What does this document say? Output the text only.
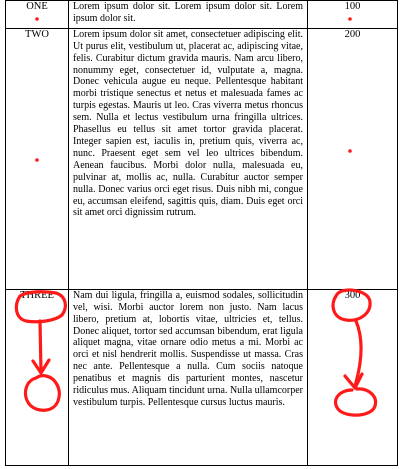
ONE	Lorem ipsum dolor sit. Lorem ipsum dolor sit. Lorem ipsum dolor sit.	100

TWO	Lorem ipsum dolor sit amet, consectetuer adipiscing elit. Ut purus elit, vestibulum ut, placerat ac, adipiscing vitae, felis. Curabitur dictum gravida mauris. Nam arcu libero, nonummy eget, consectetuer id, vulputate a, magna. Donec vehicula augue eu neque. Pellentesque habitant morbi tristique senectus et netus et malesuada fames ac turpis egestas. Mauris ut leo. Cras viverra metus rhoncus sem. Nulla et lectus vestibulum urna fringilla ultrices. Phasellus eu tellus sit amet tortor gravida placerat. Integer sapien est, iaculis in, pretium quis, viverra ac, nunc. Praesent eget sem vel leo ultrices bibendum. Aenean faucibus. Morbi dolor nulla, malesuada eu, pulvinar at, mollis ac, nulla. Curabitur auctor semper nulla. Donec varius orci eget risus. Duis nibh mi, congue eu, accumsan eleifend, sagittis quis, diam. Duis eget orci sit amet orci dignissim rutrum.	200

THREE	Nam dui ligula, fringilla a, euismod sodales, sollicitudin vel, wisi. Morbi auctor lorem non justo. Nam lacus libero, pretium at, lobortis vitae, ultricies et, tellus. Donec aliquet, tortor sed accumsan bibendum, erat ligula aliquet magna, vitae ornare odio metus a mi. Morbi ac orci et nisl hendrerit mollis. Suspendisse ut massa. Cras nec ante. Pellentesque a nulla. Cum sociis natoque penatibus et magnis dis parturient montes, nascetur ridiculus mus. Aliquam tincidunt urna. Nulla ullamcorper vestibulum turpis. Pellentesque cursus luctus mauris.	300
